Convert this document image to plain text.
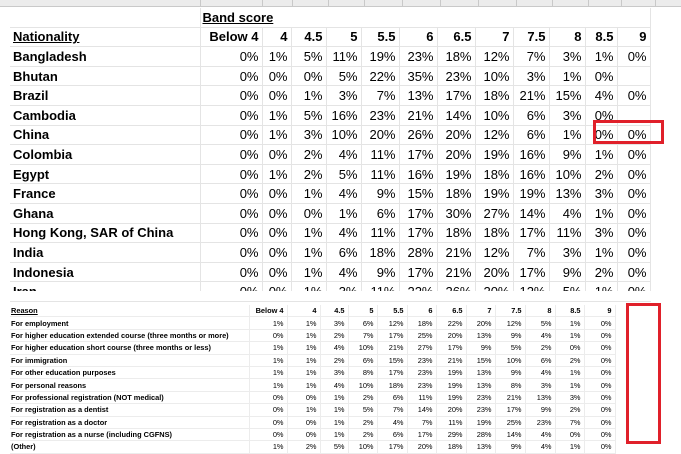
	Band score											
Nationality	Below 4	4	4.5	5	5.5	6	6.5	7	7.5	8	8.5	9
Bangladesh	0%	1%	5%	11%	19%	23%	18%	12%	7%	3%	1%	0%
Bhutan	0%	0%	0%	5%	22%	35%	23%	10%	3%	1%	0%	
Brazil	0%	0%	1%	3%	7%	13%	17%	18%	21%	15%	4%	0%
Cambodia	0%	1%	5%	16%	23%	21%	14%	10%	6%	3%	0%	
China	0%	1%	3%	10%	20%	26%	20%	12%	6%	1%	0%	0%
Colombia	0%	0%	2%	4%	11%	17%	20%	19%	16%	9%	1%	0%
Egypt	0%	1%	2%	5%	11%	16%	19%	18%	16%	10%	2%	0%
France	0%	0%	1%	4%	9%	15%	18%	19%	19%	13%	3%	0%
Ghana	0%	0%	0%	1%	6%	17%	30%	27%	14%	4%	1%	0%
Hong Kong, SAR of China	0%	0%	1%	4%	11%	17%	18%	18%	17%	11%	3%	0%
India	0%	0%	1%	6%	18%	28%	21%	12%	7%	3%	1%	0%
Indonesia	0%	0%	1%	4%	9%	17%	21%	20%	17%	9%	2%	0%

Reason	Below 4	4	4.5	5	5.5	6	6.5	7	7.5	8	8.5	9
For employment	1%	1%	3%	6%	12%	18%	22%	20%	12%	5%	1%	0%
For higher education extended course (three months or more)	0%	1%	2%	7%	17%	25%	20%	13%	9%	4%	1%	0%
For higher education short course (three months or less)	1%	1%	4%	10%	21%	27%	17%	9%	5%	2%	0%	0%
For immigration	1%	1%	2%	6%	15%	23%	21%	15%	10%	6%	2%	0%
For other education purposes	1%	1%	3%	8%	17%	23%	19%	13%	9%	4%	1%	0%
For personal reasons	1%	1%	4%	10%	18%	23%	19%	13%	8%	3%	1%	0%
For professional registration (NOT medical)	0%	0%	1%	2%	6%	11%	19%	23%	21%	13%	3%	0%
For registration as a dentist	0%	1%	1%	5%	7%	14%	20%	23%	17%	9%	2%	0%
For registration as a doctor	0%	0%	1%	2%	4%	7%	11%	19%	25%	23%	7%	0%
For registration as a nurse (including CGFNS)	0%	0%	1%	2%	6%	17%	29%	28%	14%	4%	0%	0%
(Other)	1%	2%	5%	10%	17%	20%	18%	13%	9%	4%	1%	0%
